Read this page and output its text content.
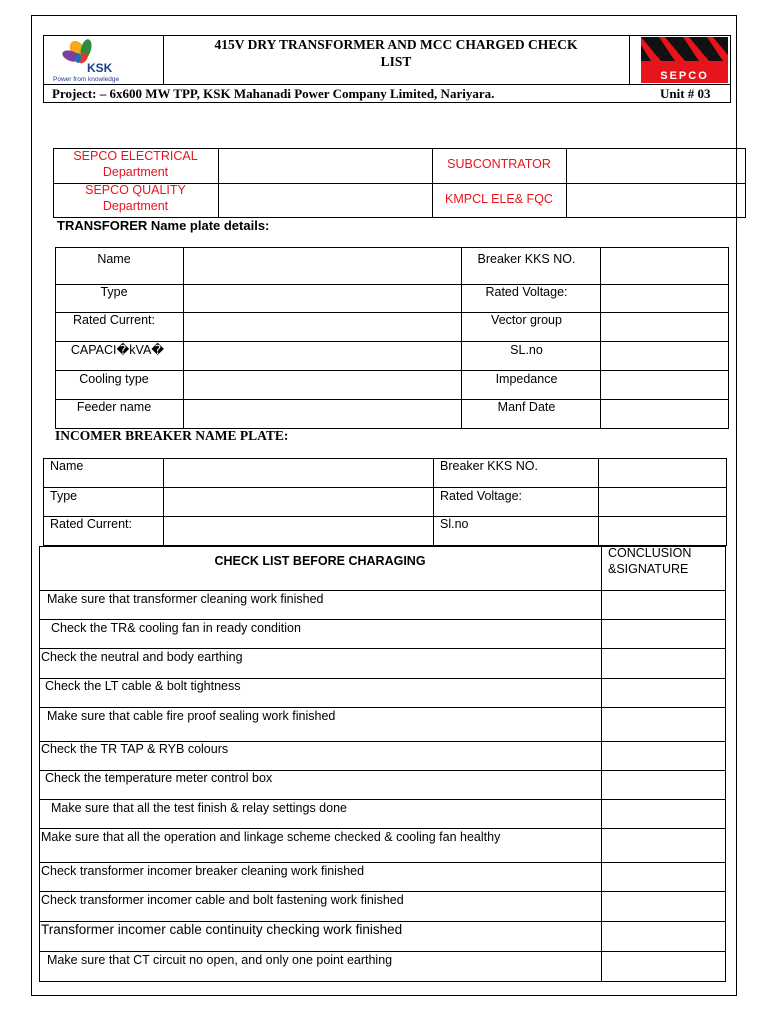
KSK
Power from knowledge
415V DRY TRANSFORMER AND MCC CHARGED CHECK
LIST
SEPCO
Project: – 6x600 MW TPP, KSK Mahanadi Power Company Limited, Nariyara.	Unit # 03
SEPCO ELECTRICAL
Department
SUBCONTRATOR
SEPCO QUALITY
Department	KMPCL ELE& FQC
TRANSFORER Name plate details:
Name
Type
Rated Current:
CAPACI�kVA�
Cooling type
Feeder name
Breaker KKS NO.
Rated Voltage:
Vector group
SL.no
Impedance
Manf Date
INCOMER BREAKER NAME PLATE:
Name
Type
Rated Current:
Breaker KKS NO.
Rated Voltage:
Sl.no
CHECK LIST BEFORE CHARAGING
CONCLUSION
&SIGNATURE
Make sure that transformer cleaning work finished
Check the TR& cooling fan in ready condition
Check the neutral and body earthing
Check the LT cable & bolt tightness
Make sure that cable fire proof sealing work finished
Check the TR TAP & RYB colours
Check the temperature meter control box
Make sure that all the test finish & relay settings done
Make sure that all the operation and linkage scheme checked & cooling fan healthy
Check transformer incomer breaker cleaning work finished
Check transformer incomer cable and bolt fastening work finished
Transformer incomer cable continuity checking work finished
Make sure that CT circuit no open, and only one point earthing
